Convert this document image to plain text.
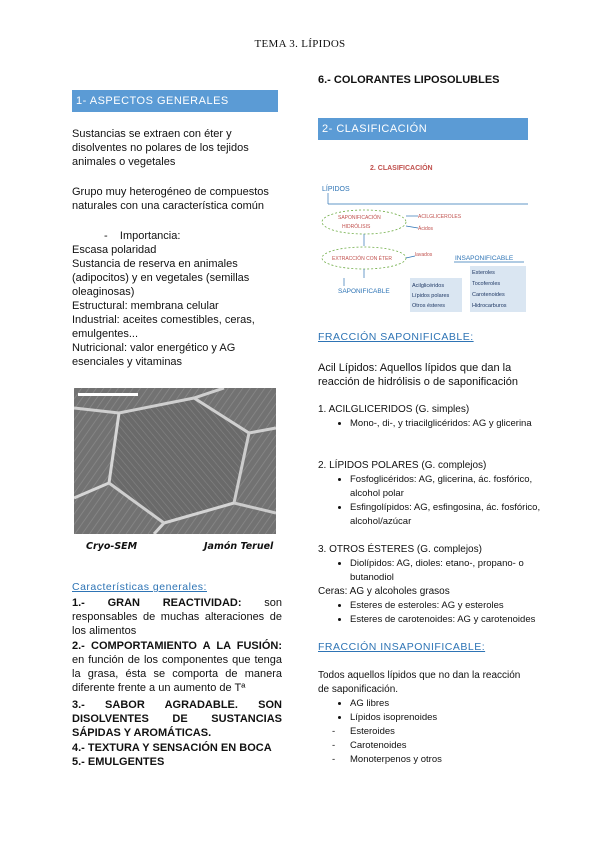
TEMA 3. LÍPIDOS
1- ASPECTOS GENERALES
Sustancias se extraen con éter y disolventes no polares de los tejidos animales o vegetales
Grupo muy heterogéneo de compuestos naturales con una característica común
-    Importancia:
Escasa polaridad
Sustancia de reserva en animales (adipocitos) y en vegetales (semillas oleaginosas)
Estructural: membrana celular
Industrial: aceites comestibles, ceras, emulgentes...
Nutricional: valor energético y AG esenciales y vitaminas
Cryo-SEM	Jamón Teruel
Características generales:
1.- GRAN REACTIVIDAD: son responsables de muchas alteraciones de los alimentos
2.- COMPORTAMIENTO A LA FUSIÓN: en función de los componentes que tenga la grasa, ésta se comporta de manera diferente frente a un aumento de Tª
3.- SABOR AGRADABLE. SON DISOLVENTES DE SUSTANCIAS SÁPIDAS Y AROMÁTICAS.
4.- TEXTURA Y SENSACIÓN EN BOCA
5.- EMULGENTES
6.- COLORANTES LIPOSOLUBLES
2- CLASIFICACIÓN
2. CLASIFICACIÓN
LÍPIDOS
SAPONIFICACIÓN
HIDRÓLISIS
ACILGLICEROLES
Ácidos
EXTRACCIÓN CON ÉTER
lavados	INSAPONIFICABLE
SAPONIFICABLE
Acilglicéridos
Lípidos polares
Otros ésteres
Esteroles
Tocoferoles
Carotenoides
Hidrocarburos
FRACCIÓN SAPONIFICABLE:
Acil Lípidos: Aquellos lípidos que dan la reacción de hidrólisis o de saponificación
1. ACILGLICERIDOS (G. simples)
• Mono-, di-, y triacilglicéridos: AG y glicerina
2. LÍPIDOS POLARES (G. complejos)
• Fosfoglicéridos: AG, glicerina, ác. fosfórico, alcohol polar
• Esfingolípidos: AG, esfingosina, ác. fosfórico, alcohol/azúcar
3. OTROS ÉSTERES (G. complejos)
• Diolípidos: AG, dioles: etano-, propano- o butanodiol
Ceras: AG y alcoholes grasos
• Esteres de esteroles: AG y esteroles
• Esteres de carotenoides: AG y carotenoides
FRACCIÓN INSAPONIFICABLE:
Todos aquellos lípidos que no dan la reacción de saponificación.
• AG libres
• Lípidos isoprenoides
- Esteroides
- Carotenoides
- Monoterpenos y otros
